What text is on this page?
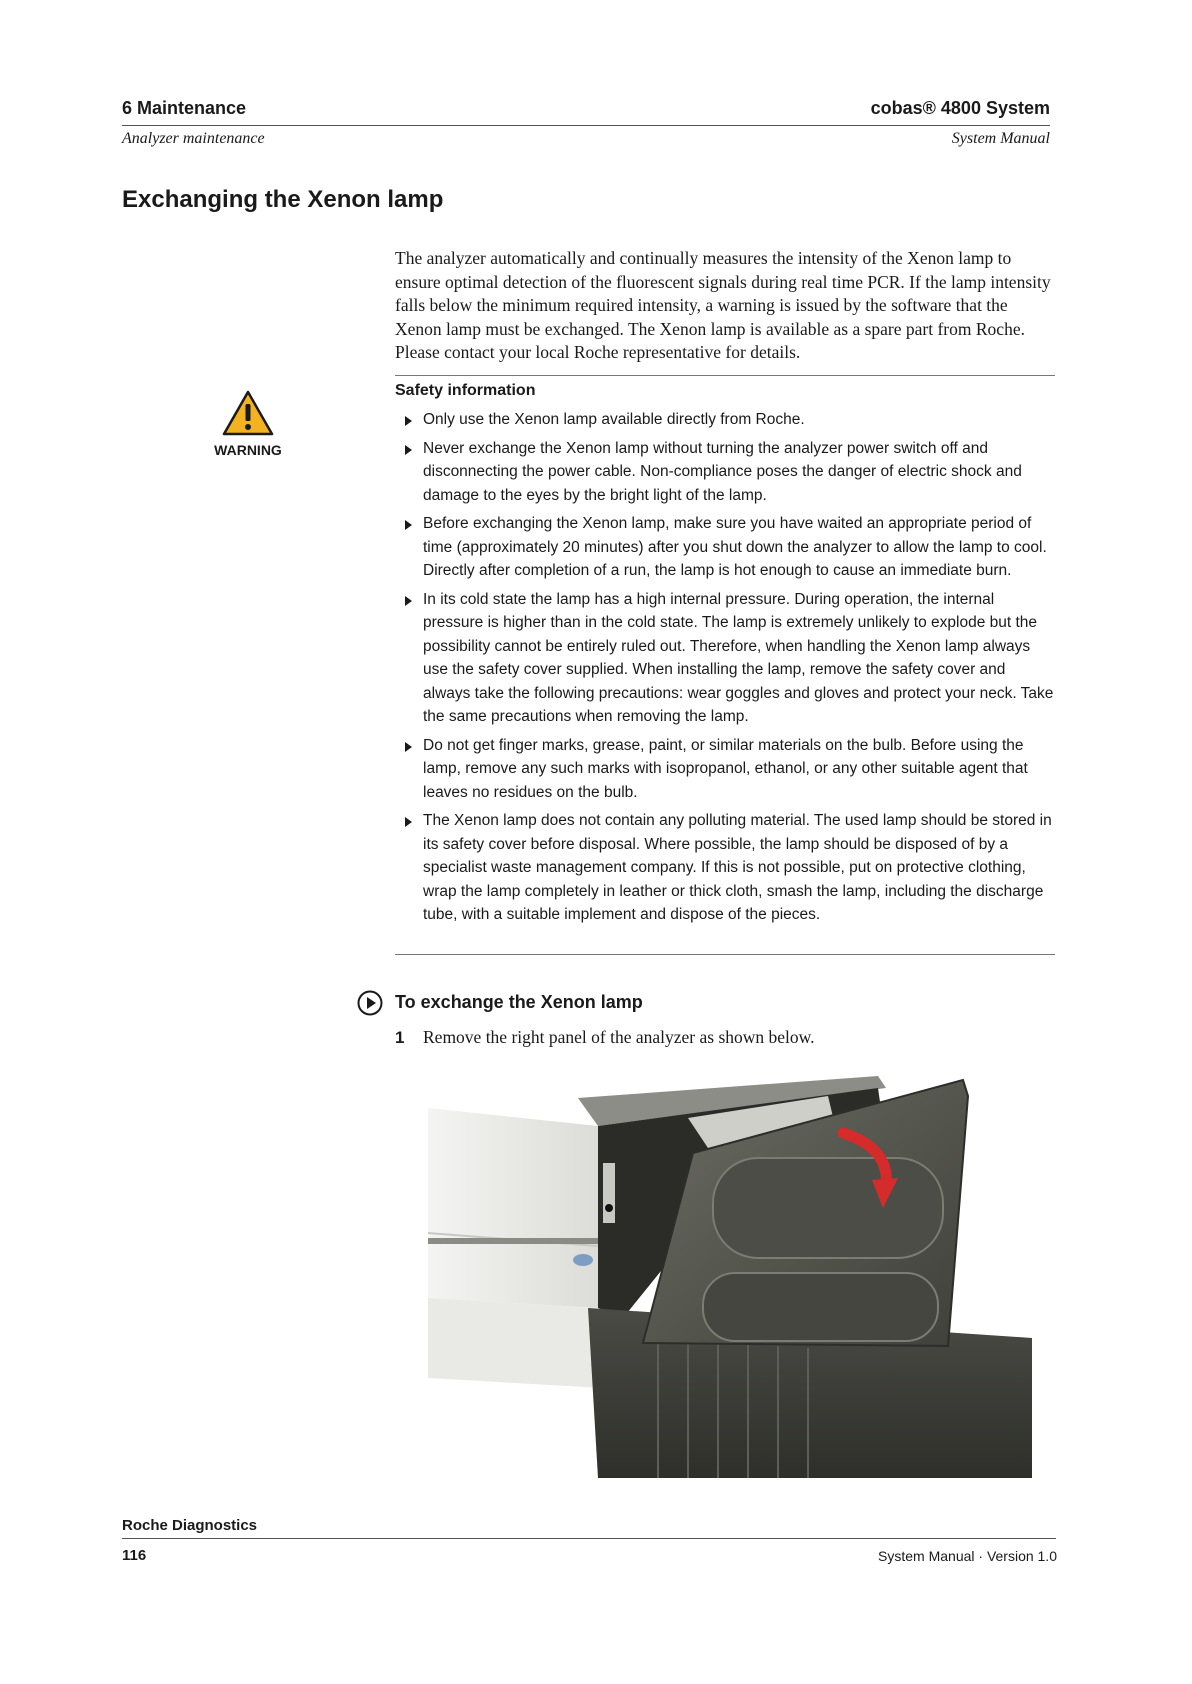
6 Maintenance	cobas® 4800 System
Analyzer maintenance	System Manual
Exchanging the Xenon lamp
The analyzer automatically and continually measures the intensity of the Xenon lamp to ensure optimal detection of the fluorescent signals during real time PCR. If the lamp intensity falls below the minimum required intensity, a warning is issued by the software that the Xenon lamp must be exchanged. The Xenon lamp is available as a spare part from Roche. Please contact your local Roche representative for details.
Safety information
WARNING
Only use the Xenon lamp available directly from Roche.
Never exchange the Xenon lamp without turning the analyzer power switch off and disconnecting the power cable. Non-compliance poses the danger of electric shock and damage to the eyes by the bright light of the lamp.
Before exchanging the Xenon lamp, make sure you have waited an appropriate period of time (approximately 20 minutes) after you shut down the analyzer to allow the lamp to cool. Directly after completion of a run, the lamp is hot enough to cause an immediate burn.
In its cold state the lamp has a high internal pressure. During operation, the internal pressure is higher than in the cold state. The lamp is extremely unlikely to explode but the possibility cannot be entirely ruled out. Therefore, when handling the Xenon lamp always use the safety cover supplied. When installing the lamp, remove the safety cover and always take the following precautions: wear goggles and gloves and protect your neck. Take the same precautions when removing the lamp.
Do not get finger marks, grease, paint, or similar materials on the bulb. Before using the lamp, remove any such marks with isopropanol, ethanol, or any other suitable agent that leaves no residues on the bulb.
The Xenon lamp does not contain any polluting material. The used lamp should be stored in its safety cover before disposal. Where possible, the lamp should be disposed of by a specialist waste management company. If this is not possible, put on protective clothing, wrap the lamp completely in leather or thick cloth, smash the lamp, including the discharge tube, with a suitable implement and dispose of the pieces.
To exchange the Xenon lamp
1 Remove the right panel of the analyzer as shown below.
Roche Diagnostics
116	System Manual · Version 1.0
